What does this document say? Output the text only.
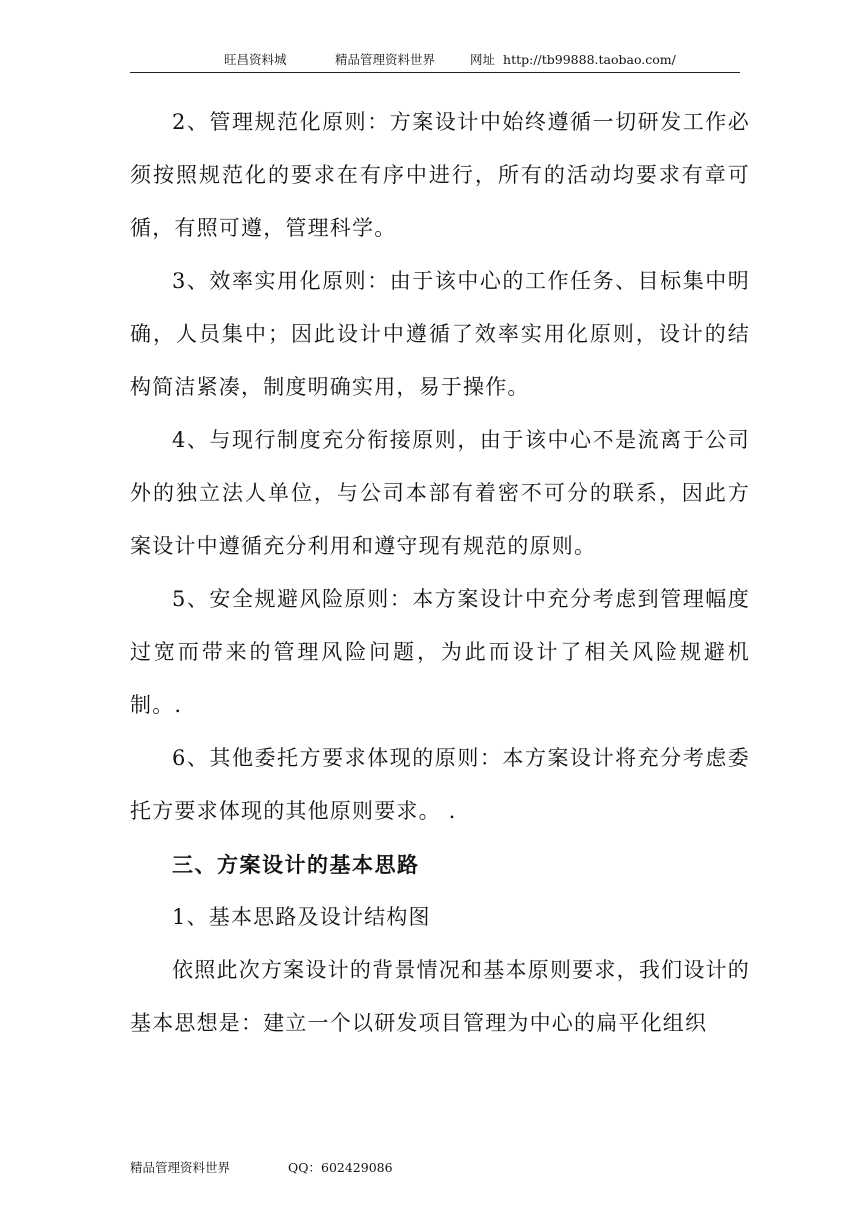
旺昌资料城	精品管理资料世界	网址 http://tb99888.taobao.com/

2、管理规范化原则：方案设计中始终遵循一切研发工作必须按照规范化的要求在有序中进行，所有的活动均要求有章可循，有照可遵，管理科学。

3、效率实用化原则：由于该中心的工作任务、目标集中明确，人员集中；因此设计中遵循了效率实用化原则，设计的结构简洁紧凑，制度明确实用，易于操作。

4、与现行制度充分衔接原则，由于该中心不是流离于公司外的独立法人单位，与公司本部有着密不可分的联系，因此方案设计中遵循充分利用和遵守现有规范的原则。

5、安全规避风险原则：本方案设计中充分考虑到管理幅度过宽而带来的管理风险问题，为此而设计了相关风险规避机制。.

6、其他委托方要求体现的原则：本方案设计将充分考虑委托方要求体现的其他原则要求。 .

三、方案设计的基本思路

1、基本思路及设计结构图

依照此次方案设计的背景情况和基本原则要求，我们设计的基本思想是：建立一个以研发项目管理为中心的扁平化组织

精品管理资料世界	QQ：602429086
